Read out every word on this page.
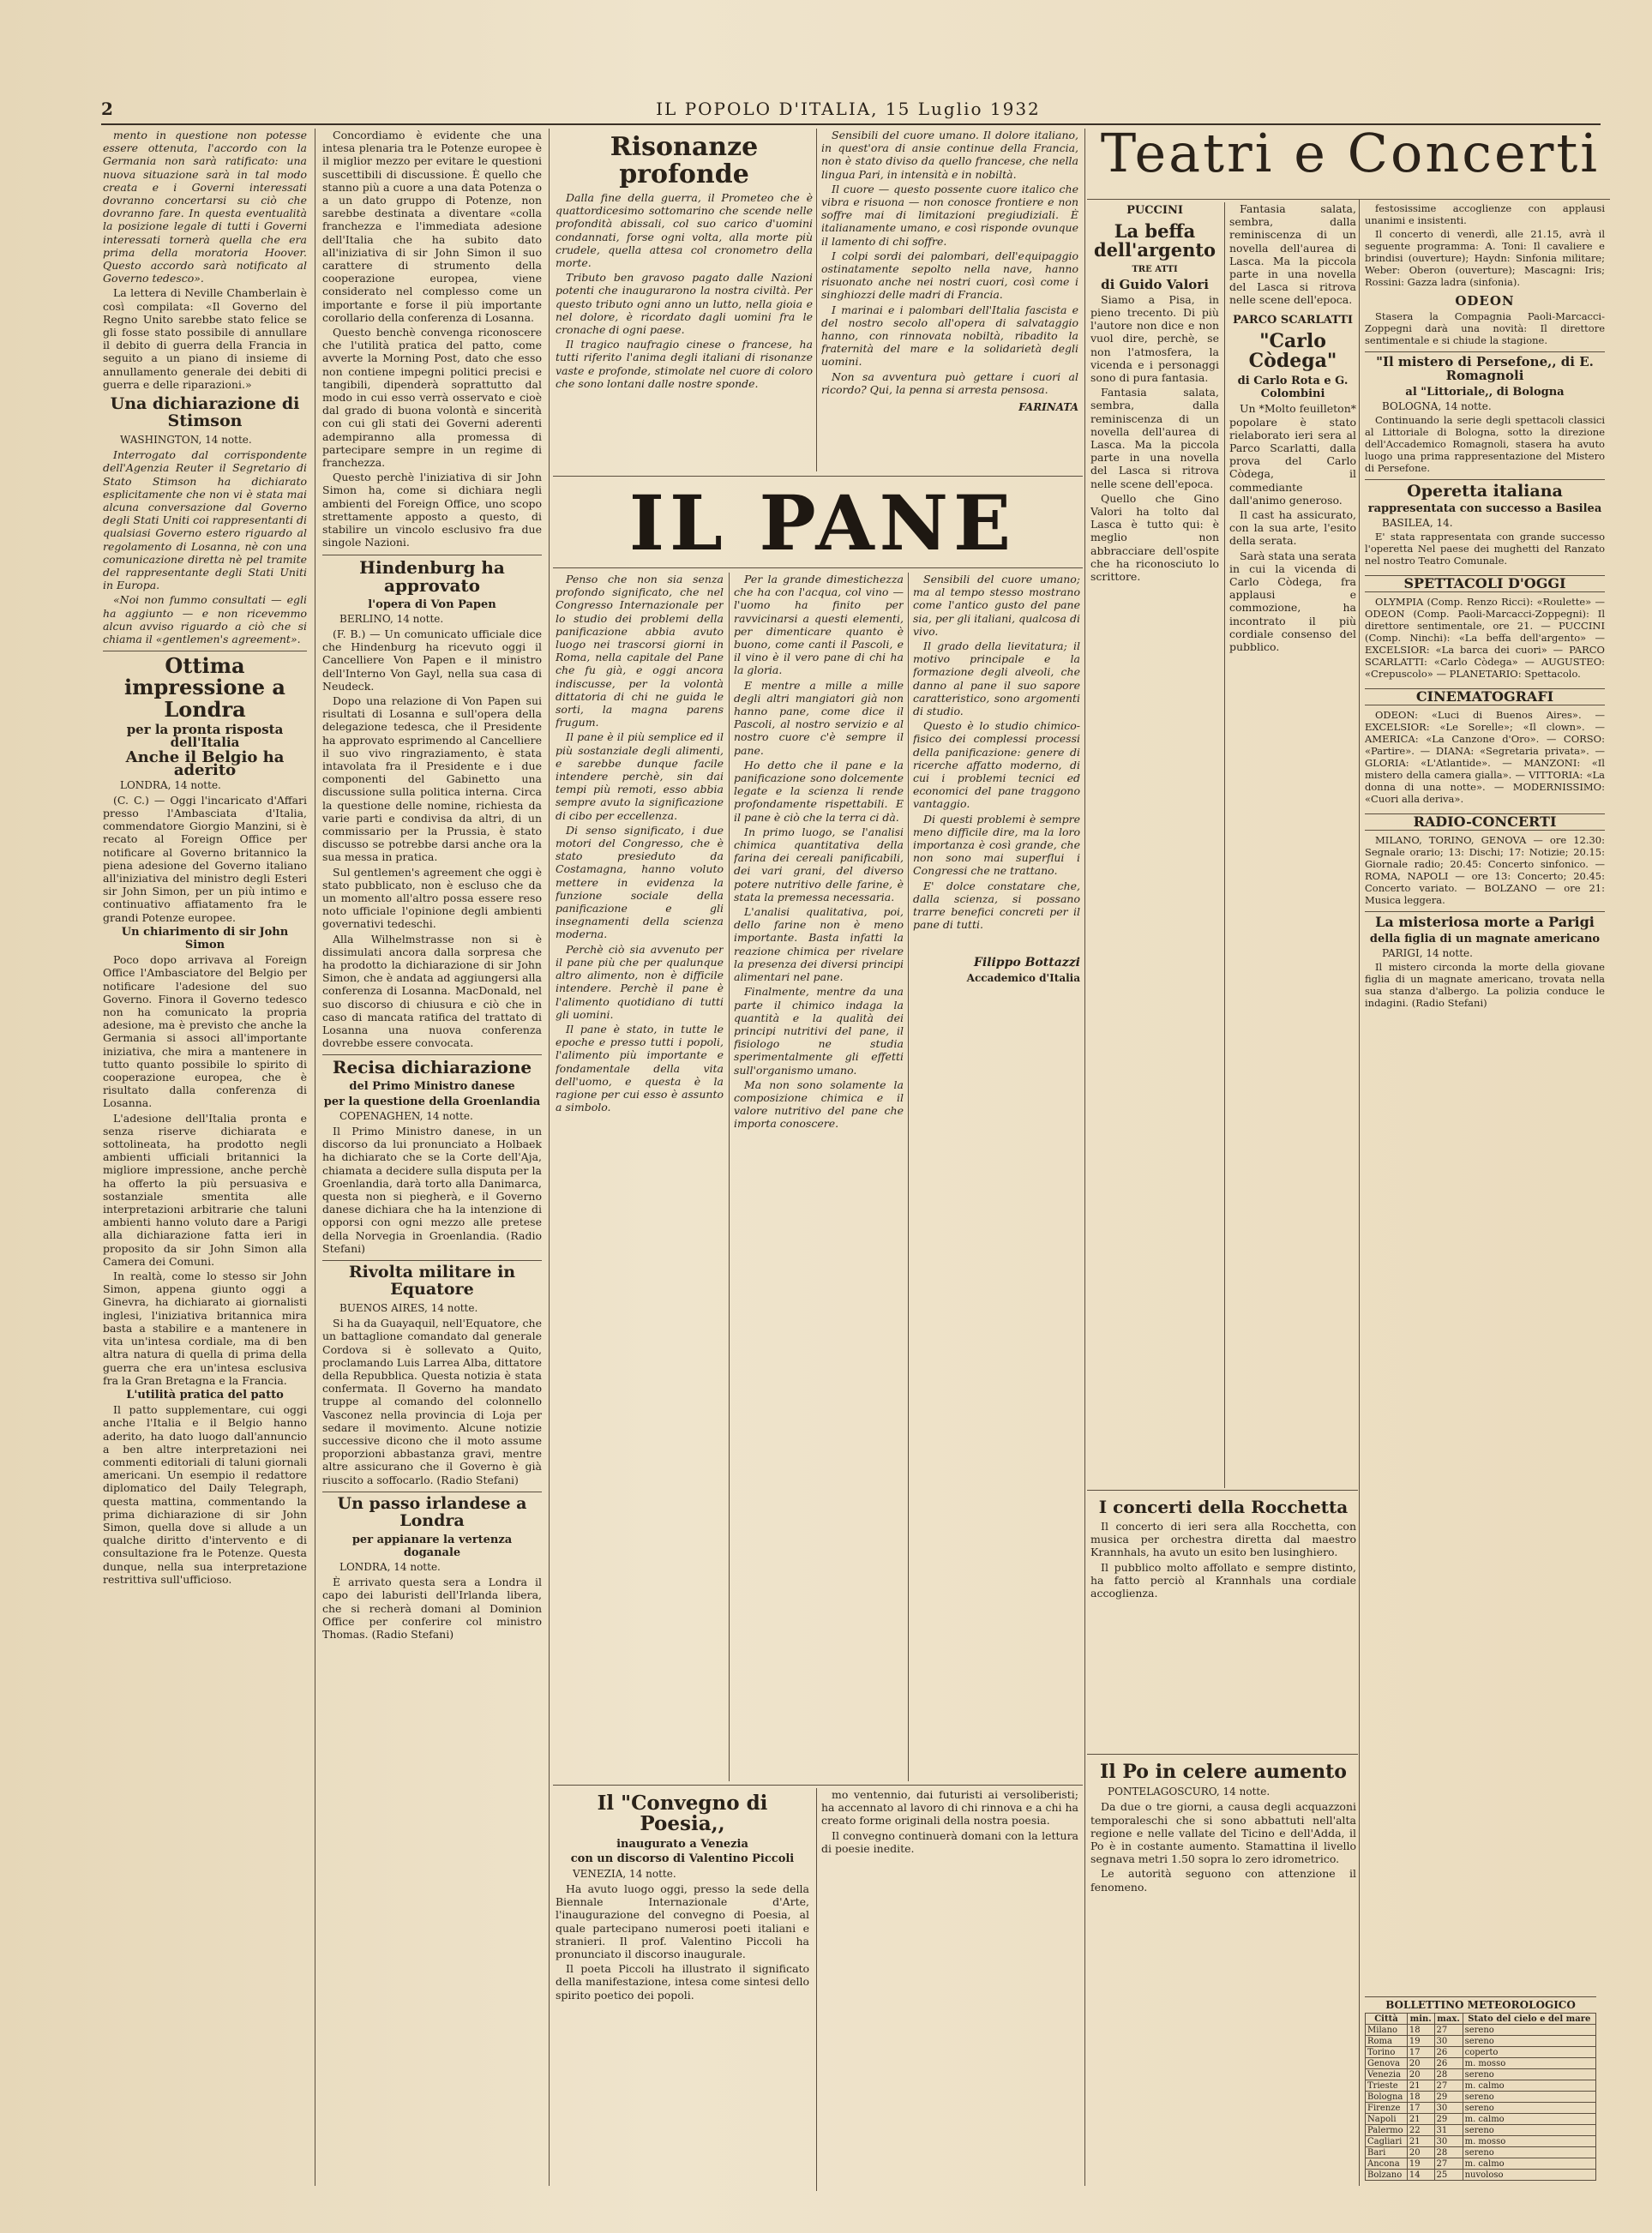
2	IL POPOLO D'ITALIA, 15 Luglio 1932

mento in questione non potesse essere ottenuta, l'accordo con la Germania non sarà ratificato: una nuova situazione sarà in tal modo creata e i Governi interessati dovranno concertarsi su ciò che dovranno fare. In questa eventualità la posizione legale di tutti i Governi interessati tornerà quella che era prima della moratoria Hoover. Questo accordo sarà notificato al Governo tedesco».

La lettera di Neville Chamberlain è così compilata: «Il Governo del Regno Unito sarebbe stato felice se gli fosse stato possibile di annullare il debito di guerra della Francia in seguito a un piano di insieme di annullamento generale dei debiti di guerra e delle riparazioni.»

Una dichiarazione di Stimson
WASHINGTON, 14 notte.

Interrogato dal corrispondente dell'Agenzia Reuter il Segretario di Stato Stimson ha dichiarato esplicitamente che non vi è stata mai alcuna conversazione dal Governo degli Stati Uniti coi rappresentanti di qualsiasi Governo estero riguardo al regolamento di Losanna, nè con una comunicazione diretta nè pel tramite del rappresentante degli Stati Uniti in Europa.

«Noi non fummo consultati — egli ha aggiunto — e non ricevemmo alcun avviso riguardo a ciò che si chiama il «gentlemen's agreement».

Ottima impressione a Londra
per la pronta risposta dell'Italia
Anche il Belgio ha aderito
LONDRA, 14 notte.

(C. C.) — Oggi l'incaricato d'Affari presso l'Ambasciata d'Italia, commendatore Giorgio Manzini, si è recato al Foreign Office per notificare al Governo britannico la piena adesione del Governo italiano all'iniziativa del ministro degli Esteri sir John Simon, per un più intimo e continuativo affiatamento fra le grandi Potenze europee.

Un chiarimento di sir John Simon

Poco dopo arrivava al Foreign Office l'Ambasciatore del Belgio per notificare l'adesione del suo Governo. Finora il Governo tedesco non ha comunicato la propria adesione, ma è previsto che anche la Germania si associ all'importante iniziativa, che mira a mantenere in tutto quanto possibile lo spirito di cooperazione europea, che è risultato dalla conferenza di Losanna.

L'adesione dell'Italia pronta e senza riserve dichiarata e sottolineata, ha prodotto negli ambienti ufficiali britannici la migliore impressione, anche perchè ha offerto la più persuasiva e sostanziale smentita alle interpretazioni arbitrarie che taluni ambienti hanno voluto dare a Parigi alla dichiarazione fatta ieri in proposito da sir John Simon alla Camera dei Comuni.

In realtà, come lo stesso sir John Simon, appena giunto oggi a Ginevra, ha dichiarato ai giornalisti inglesi, l'iniziativa britannica mira basta a stabilire e a mantenere in vita un'intesa cordiale, ma di ben altra natura di quella di prima della guerra che era un'intesa esclusiva fra la Gran Bretagna e la Francia.

L'utilità pratica del patto

Il patto supplementare, cui oggi anche l'Italia e il Belgio hanno aderito, ha dato luogo dall'annuncio a ben altre interpretazioni nei commenti editoriali di taluni giornali americani. Un esempio il redattore diplomatico del Daily Telegraph, questa mattina, commentando la prima dichiarazione di sir John Simon, quella dove si allude a un qualche diritto d'intervento e di consultazione fra le Potenze. Questa dunque, nella sua interpretazione restrittiva sull'ufficioso.

Concordiamo è evidente che una intesa plenaria tra le Potenze europee è il miglior mezzo per evitare le questioni suscettibili di discussione. È quello che stanno più a cuore a una data Potenza o a un dato gruppo di Potenze, non sarebbe destinata a diventare «colla franchezza e l'immediata adesione dell'Italia che ha subito dato all'iniziativa di sir John Simon il suo carattere di strumento della cooperazione europea, viene considerato nel complesso come un importante e forse il più importante corollario della conferenza di Losanna.

Questo benchè convenga riconoscere che l'utilità pratica del patto, come avverte la Morning Post, dato che esso non contiene impegni politici precisi e tangibili, dipenderà soprattutto dal modo in cui esso verrà osservato e cioè dal grado di buona volontà e sincerità con cui gli stati dei Governi aderenti adempiranno alla promessa di partecipare sempre in un regime di franchezza.

Questo perchè l'iniziativa di sir John Simon ha, come si dichiara negli ambienti del Foreign Office, uno scopo strettamente apposto a questo, di stabilire un vincolo esclusivo fra due singole Nazioni.

Hindenburg ha approvato
l'opera di Von Papen
BERLINO, 14 notte.

(F. B.) — Un comunicato ufficiale dice che Hindenburg ha ricevuto oggi il Cancelliere Von Papen e il ministro dell'Interno Von Gayl, nella sua casa di Neudeck.

Dopo una relazione di Von Papen sui risultati di Losanna e sull'opera della delegazione tedesca, che il Presidente ha approvato esprimendo al Cancelliere il suo vivo ringraziamento, è stata intavolata fra il Presidente e i due componenti del Gabinetto una discussione sulla politica interna. Circa la questione delle nomine, richiesta da varie parti e condivisa da altri, di un commissario per la Prussia, è stato discusso se potrebbe darsi anche ora la sua messa in pratica.

Sul gentlemen's agreement che oggi è stato pubblicato, non è escluso che da un momento all'altro possa essere reso noto ufficiale l'opinione degli ambienti governativi tedeschi.

Alla Wilhelmstrasse non si è dissimulati ancora dalla sorpresa che ha prodotto la dichiarazione di sir John Simon, che è andata ad aggiungersi alla conferenza di Losanna. MacDonald, nel suo discorso di chiusura e ciò che in caso di mancata ratifica del trattato di Losanna una nuova conferenza dovrebbe essere convocata.

Recisa dichiarazione
del Primo Ministro danese
per la questione della Groenlandia
COPENAGHEN, 14 notte.

Il Primo Ministro danese, in un discorso da lui pronunciato a Holbaek ha dichiarato che se la Corte dell'Aja, chiamata a decidere sulla disputa per la Groenlandia, darà torto alla Danimarca, questa non si piegherà, e il Governo danese dichiara che ha la intenzione di opporsi con ogni mezzo alle pretese della Norvegia in Groenlandia. (Radio Stefani)

Rivolta militare in Equatore
BUENOS AIRES, 14 notte.

Si ha da Guayaquil, nell'Equatore, che un battaglione comandato dal generale Cordova si è sollevato a Quito, proclamando Luis Larrea Alba, dittatore della Repubblica. Questa notizia è stata confermata. Il Governo ha mandato truppe al comando del colonnello Vasconez nella provincia di Loja per sedare il movimento. Alcune notizie successive dicono che il moto assume proporzioni abbastanza gravi, mentre altre assicurano che il Governo è già riuscito a soffocarlo. (Radio Stefani)

Un passo irlandese a Londra
per appianare la vertenza doganale
LONDRA, 14 notte.

È arrivato questa sera a Londra il capo dei laburisti dell'Irlanda libera, che si recherà domani al Dominion Office per conferire col ministro Thomas. (Radio Stefani)

Risonanze profonde

Dalla fine della guerra, il Prometeo che è quattordicesimo sottomarino che scende nelle profondità abissali, col suo carico d'uomini condannati, forse ogni volta, alla morte più crudele, quella attesa col cronometro della morte.

Tributo ben gravoso pagato dalle Nazioni potenti che inaugurarono la nostra civiltà. Per questo tributo ogni anno un lutto, nella gioia e nel dolore, è ricordato dagli uomini fra le cronache di ogni paese.

Il tragico naufragio cinese o francese, ha tutti riferito l'anima degli italiani di risonanze vaste e profonde, stimolate nel cuore di coloro che sono lontani dalle nostre sponde.

Sensibili del cuore umano. Il dolore italiano, in quest'ora di ansie continue della Francia, non è stato diviso da quello francese, che nella lingua Pari, in intensità e in nobiltà.

Il cuore — questo possente cuore italico che vibra e risuona — non conosce frontiere e non soffre mai di limitazioni pregiudiziali. È italianamente umano, e così risponde ovunque il lamento di chi soffre.

I colpi sordi dei palombari, dell'equipaggio ostinatamente sepolto nella nave, hanno risuonato anche nei nostri cuori, così come i singhiozzi delle madri di Francia.

I marinai e i palombari dell'Italia fascista e del nostro secolo all'opera di salvataggio hanno, con rinnovata nobiltà, ribadito la fraternità del mare e la solidarietà degli uomini.

Non sa avventura può gettare i cuori al ricordo? Qui, la penna si arresta pensosa.

FARINATA
IL PANE

Penso che non sia senza profondo significato, che nel Congresso Internazionale per lo studio dei problemi della panificazione abbia avuto luogo nei trascorsi giorni in Roma, nella capitale del Pane che fu già, e oggi ancora indiscusse, per la volontà dittatoria di chi ne guida le sorti, la magna parens frugum.

Il pane è il più semplice ed il più sostanziale degli alimenti, e sarebbe dunque facile intendere perchè, sin dai tempi più remoti, esso abbia sempre avuto la significazione di cibo per eccellenza.

Di senso significato, i due motori del Congresso, che è stato presieduto da Costamagna, hanno voluto mettere in evidenza la funzione sociale della panificazione e gli insegnamenti della scienza moderna.

Perchè ciò sia avvenuto per il pane più che per qualunque altro alimento, non è difficile intendere. Perchè il pane è l'alimento quotidiano di tutti gli uomini.

Il pane è stato, in tutte le epoche e presso tutti i popoli, l'alimento più importante e fondamentale della vita dell'uomo, e questa è la ragione per cui esso è assunto a simbolo.

Per la grande dimestichezza che ha con l'acqua, col vino — l'uomo ha finito per ravvicinarsi a questi elementi, per dimenticare quanto è buono, come canti il Pascoli, e il vino è il vero pane di chi ha la gloria.

E mentre a mille a mille degli altri mangiatori già non hanno pane, come dice il Pascoli, al nostro servizio e al nostro cuore c'è sempre il pane.

Ho detto che il pane e la panificazione sono dolcemente legate e la scienza li rende profondamente rispettabili. E il pane è ciò che la terra ci dà.

In primo luogo, se l'analisi chimica quantitativa della farina dei cereali panificabili, dei vari grani, del diverso potere nutritivo delle farine, è stata la premessa necessaria.

L'analisi qualitativa, poi, dello farine non è meno importante. Basta infatti la reazione chimica per rivelare la presenza dei diversi principi alimentari nel pane.

Finalmente, mentre da una parte il chimico indaga la quantità e la qualità dei principi nutritivi del pane, il fisiologo ne studia sperimentalmente gli effetti sull'organismo umano.

Ma non sono solamente la composizione chimica e il valore nutritivo del pane che importa conoscere.

Sensibili del cuore umano; ma al tempo stesso mostrano come l'antico gusto del pane sia, per gli italiani, qualcosa di vivo.

Il grado della lievitatura; il motivo principale e la formazione degli alveoli, che danno al pane il suo sapore caratteristico, sono argomenti di studio.

Questo è lo studio chimico-fisico dei complessi processi della panificazione: genere di ricerche affatto moderno, di cui i problemi tecnici ed economici del pane traggono vantaggio.

Di questi problemi è sempre meno difficile dire, ma la loro importanza è così grande, che non sono mai superflui i Congressi che ne trattano.

E' dolce constatare che, dalla scienza, si possano trarre benefici concreti per il pane di tutti.

Filippo Bottazzi
Accademico d'Italia
Teatri e Concerti
PUCCINI
La beffa dell'argento
TRE ATTI
di Guido Valori

Siamo a Pisa, in pieno trecento. Di più l'autore non dice e non vuol dire, perchè, se non l'atmosfera, la vicenda e i personaggi sono di pura fantasia.

Fantasia salata, sembra, dalla reminiscenza di un novella dell'aurea di Lasca. Ma la piccola parte in una novella del Lasca si ritrova nelle scene dell'epoca.

Quello che Gino Valori ha tolto dal Lasca è tutto qui: è meglio non abbracciare dell'ospite che ha riconosciuto lo scrittore.

Fantasia salata, sembra, dalla reminiscenza di un novella dell'aurea di Lasca. Ma la piccola parte in una novella del Lasca si ritrova nelle scene dell'epoca.

PARCO SCARLATTI
"Carlo Còdega"
di Carlo Rota e G. Colombini

Un *Molto feuilleton* popolare è stato rielaborato ieri sera al Parco Scarlatti, dalla prova del Carlo Còdega, il commediante dall'animo generoso.

Il cast ha assicurato, con la sua arte, l'esito della serata.

Sarà stata una serata in cui la vicenda di Carlo Còdega, fra applausi e commozione, ha incontrato il più cordiale consenso del pubblico.

I concerti della Rocchetta

Il concerto di ieri sera alla Rocchetta, con musica per orchestra diretta dal maestro Krannhals, ha avuto un esito ben lusinghiero.

Il pubblico molto affollato e sempre distinto, ha fatto perciò al Krannhals una cordiale accoglienza.

Il "Convegno di Poesia,,
inaugurato a Venezia
con un discorso di Valentino Piccoli
VENEZIA, 14 notte.

Ha avuto luogo oggi, presso la sede della Biennale Internazionale d'Arte, l'inaugurazione del convegno di Poesia, al quale partecipano numerosi poeti italiani e stranieri. Il prof. Valentino Piccoli ha pronunciato il discorso inaugurale.

Il poeta Piccoli ha illustrato il significato della manifestazione, intesa come sintesi dello spirito poetico dei popoli.

mo ventennio, dai futuristi ai versoliberisti; ha accennato al lavoro di chi rinnova e a chi ha creato forme originali della nostra poesia.

Il convegno continuerà domani con la lettura di poesie inedite.

Il Po in celere aumento
PONTELAGOSCURO, 14 notte.

Da due o tre giorni, a causa degli acquazzoni temporaleschi che si sono abbattuti nell'alta regione e nelle vallate del Ticino e dell'Adda, il Po è in costante aumento. Stamattina il livello segnava metri 1.50 sopra lo zero idrometrico.

Le autorità seguono con attenzione il fenomeno.

festosissime accoglienze con applausi unanimi e insistenti.

Il concerto di venerdì, alle 21.15, avrà il seguente programma: A. Toni: Il cavaliere e brindisi (ouverture); Haydn: Sinfonia militare; Weber: Oberon (ouverture); Mascagni: Iris; Rossini: Gazza ladra (sinfonia).

ODEON

Stasera la Compagnia Paoli-Marcacci-Zoppegni darà una novità: Il direttore sentimentale e si chiude la stagione.

"Il mistero di Persefone,, di E. Romagnoli
al "Littoriale,, di Bologna
BOLOGNA, 14 notte.

Continuando la serie degli spettacoli classici al Littoriale di Bologna, sotto la direzione dell'Accademico Romagnoli, stasera ha avuto luogo una prima rappresentazione del Mistero di Persefone.

Operetta italiana
rappresentata con successo a Basilea
BASILEA, 14.

E' stata rappresentata con grande successo l'operetta Nel paese dei mughetti del Ranzato nel nostro Teatro Comunale.

SPETTACOLI D'OGGI

OLYMPIA (Comp. Renzo Ricci): «Roulette» — ODEON (Comp. Paoli-Marcacci-Zoppegni): Il direttore sentimentale, ore 21. — PUCCINI (Comp. Ninchi): «La beffa dell'argento» — EXCELSIOR: «La barca dei cuori» — PARCO SCARLATTI: «Carlo Còdega» — AUGUSTEO: «Crepuscolo» — PLANETARIO: Spettacolo.

CINEMATOGRAFI

ODEON: «Luci di Buenos Aires». — EXCELSIOR: «Le Sorelle»; «Il clown». — AMERICA: «La Canzone d'Oro». — CORSO: «Partire». — DIANA: «Segretaria privata». — GLORIA: «L'Atlantide». — MANZONI: «Il mistero della camera gialla». — VITTORIA: «La donna di una notte». — MODERNISSIMO: «Cuori alla deriva».

RADIO-CONCERTI

MILANO, TORINO, GENOVA — ore 12.30: Segnale orario; 13: Dischi; 17: Notizie; 20.15: Giornale radio; 20.45: Concerto sinfonico. — ROMA, NAPOLI — ore 13: Concerto; 20.45: Concerto variato. — BOLZANO — ore 21: Musica leggera.

La misteriosa morte a Parigi
della figlia di un magnate americano
PARIGI, 14 notte.

Il mistero circonda la morte della giovane figlia di un magnate americano, trovata nella sua stanza d'albergo. La polizia conduce le indagini. (Radio Stefani)

BOLLETTINO METEOROLOGICO
Città	min.	max.	Stato del cielo e del mare
Milano	18	27	sereno
Roma	19	30	sereno
Torino	17	26	coperto
Genova	20	26	m. mosso
Venezia	20	28	sereno
Trieste	21	27	m. calmo
Bologna	18	29	sereno
Firenze	17	30	sereno
Napoli	21	29	m. calmo
Palermo	22	31	sereno
Cagliari	21	30	m. mosso
Bari	20	28	sereno
Ancona	19	27	m. calmo
Bolzano	14	25	nuvoloso
